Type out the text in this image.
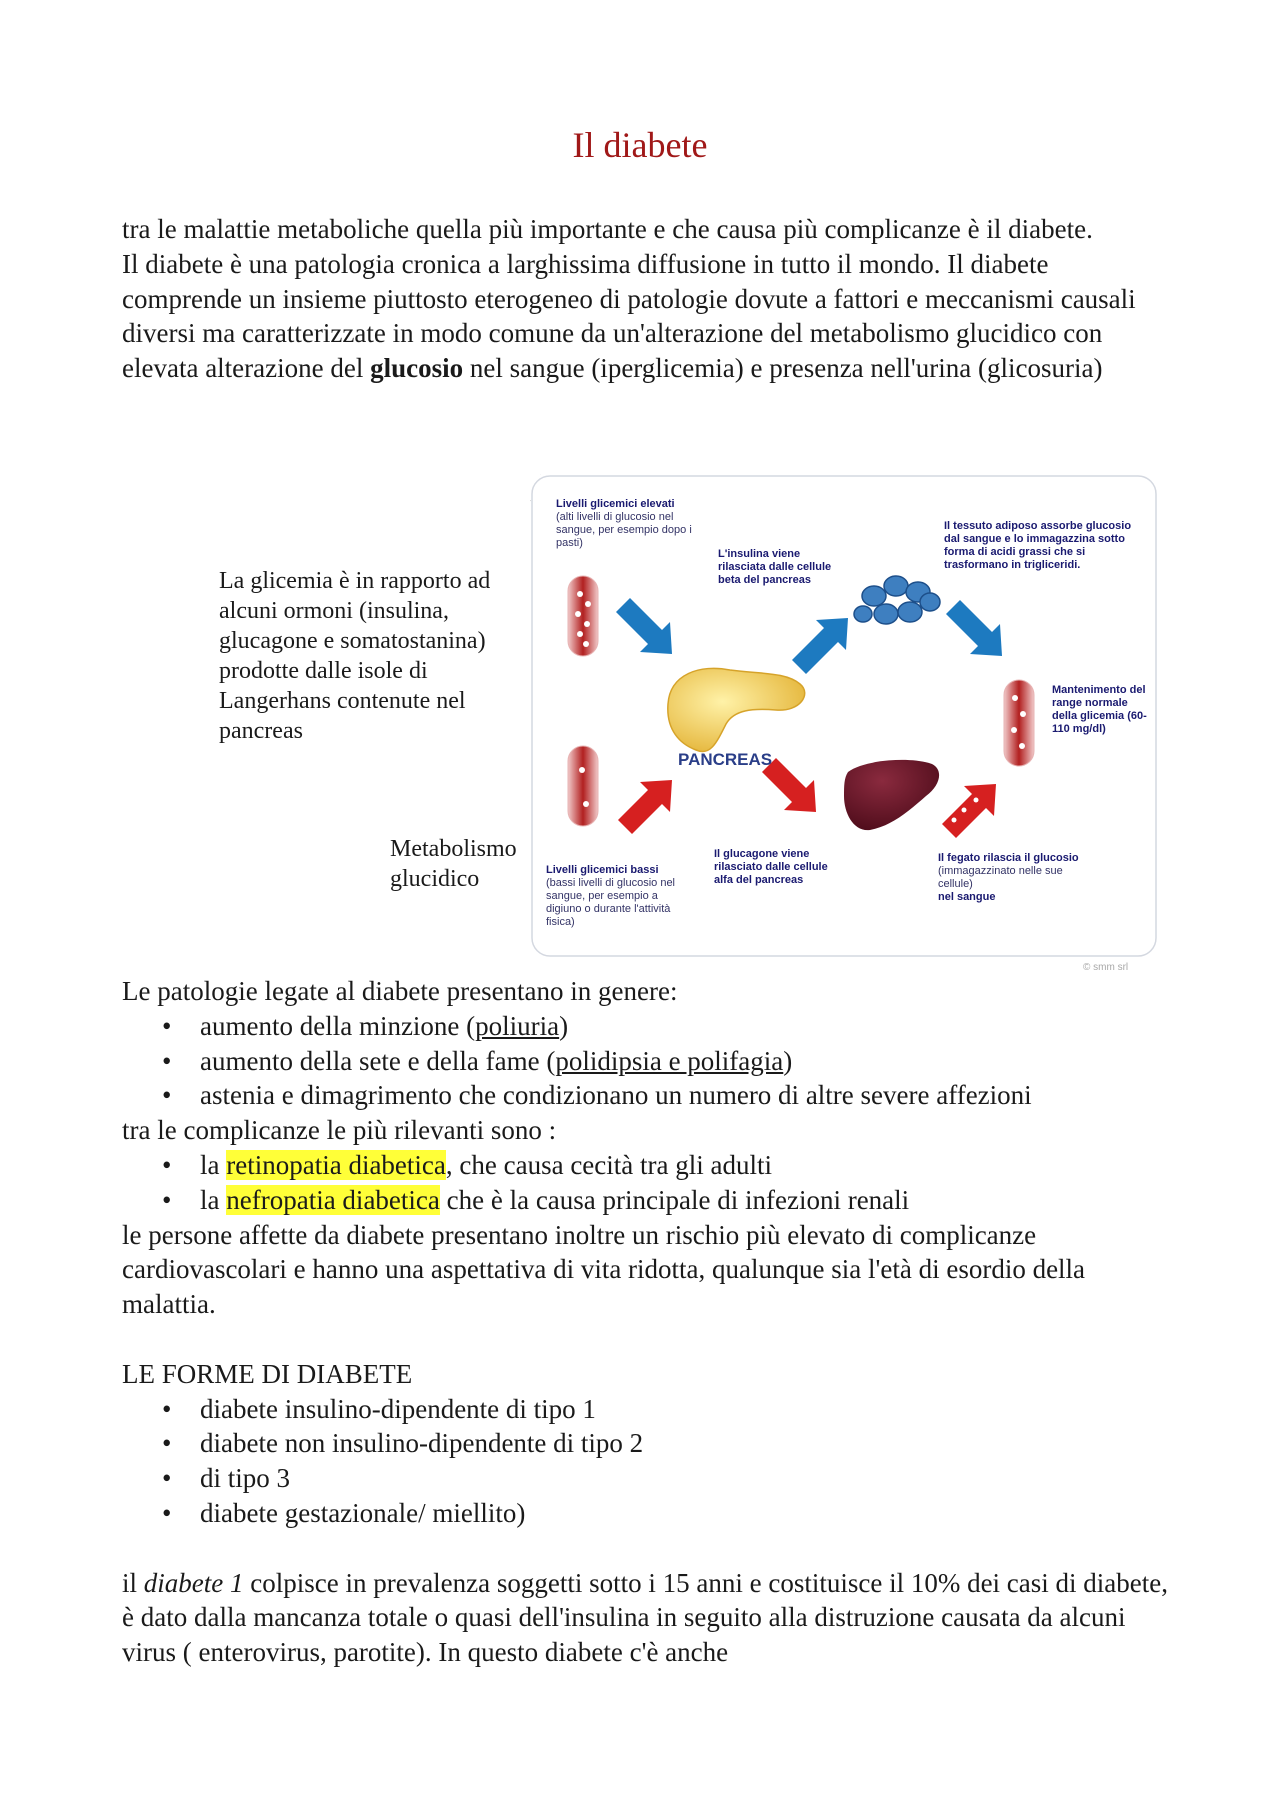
Il diabete

tra le malattie metaboliche quella più importante e che causa più complicanze è il diabete.

Il diabete è una patologia cronica a larghissima diffusione in tutto il mondo. Il diabete comprende un insieme piuttosto eterogeneo di patologie dovute a fattori e meccanismi causali diversi ma caratterizzate in modo comune da un'alterazione del metabolismo glucidico con elevata alterazione del glucosio nel sangue (iperglicemia) e presenza nell'urina (glicosuria)

La glicemia è in rapporto ad alcuni ormoni (insulina, glucagone e somatostanina) prodotte dalle isole di Langerhans contenute nel pancreas
Metabolismo glucidico
Livelli glicemici elevati
(alti livelli di glucosio nel sangue, per esempio dopo i pasti)
L'insulina viene rilasciata dalle cellule beta del pancreas
Il tessuto adiposo assorbe glucosio dal sangue e lo immagazzina sotto forma di acidi grassi che si trasformano in trigliceridi.
Mantenimento del range normale della glicemia (60-110 mg/dl)
PANCREAS
Livelli glicemici bassi
(bassi livelli di glucosio nel sangue, per esempio a digiuno o durante l'attività fisica)
Il glucagone viene rilasciato dalle cellule alfa del pancreas
Il fegato rilascia il glucosio
(immagazzinato nelle sue cellule)
nel sangue
© smm srl

Le patologie legate al diabete presentano in genere:

• aumento della minzione (poliuria)
• aumento della sete e della fame (polidipsia e polifagia)
• astenia e dimagrimento che condizionano un numero di altre severe affezioni

tra le complicanze le più rilevanti sono :

• la retinopatia diabetica, che causa cecità tra gli adulti
• la nefropatia diabetica che è la causa principale di infezioni renali

le persone affette da diabete presentano inoltre un rischio più elevato di complicanze cardiovascolari e hanno una aspettativa di vita ridotta, qualunque sia l'età di esordio della malattia.

LE FORME DI DIABETE

• diabete insulino-dipendente di tipo 1
• diabete non insulino-dipendente di tipo 2
• di tipo 3
• diabete gestazionale/ miellito)

il diabete 1 colpisce in prevalenza soggetti sotto i 15 anni e costituisce il 10% dei casi di diabete, è dato dalla mancanza totale o quasi dell'insulina in seguito alla distruzione causata da alcuni virus ( enterovirus, parotite). In questo diabete c'è anche
